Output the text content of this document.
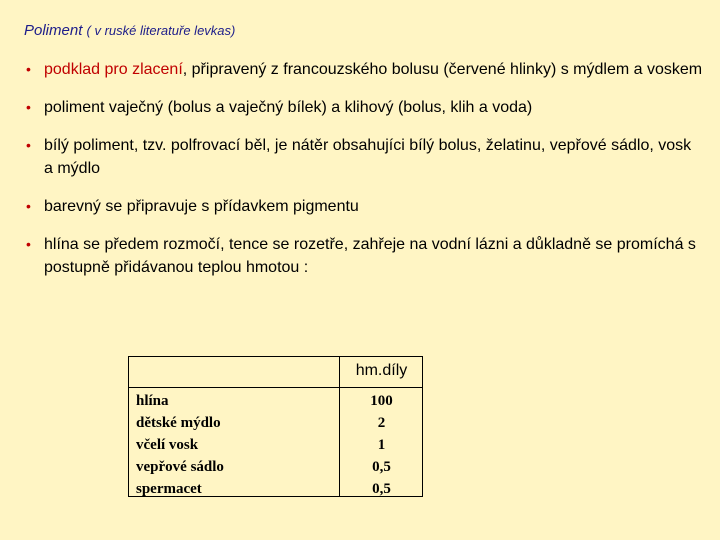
Poliment ( v ruské literatuře levkas)
• podklad pro zlacení, připravený z francouzského bolusu (červené hlinky) s mýdlem a voskem
• poliment vaječný (bolus a vaječný bílek) a klihový (bolus, klih a voda)
• bílý poliment, tzv. polfrovací běl, je nátěr obsahujíci bílý bolus, želatinu, vepřové sádlo, vosk a mýdlo
• barevný se připravuje s přídavkem pigmentu
• hlína se předem rozmočí, tence se rozetře, zahřeje na vodní lázni a důkladně se promíchá s postupně přidávanou teplou hmotou :
hm.díly
hlína
dětské mýdlo
včelí vosk
vepřové sádlo
spermacet
100
2
1
0,5
0,5
